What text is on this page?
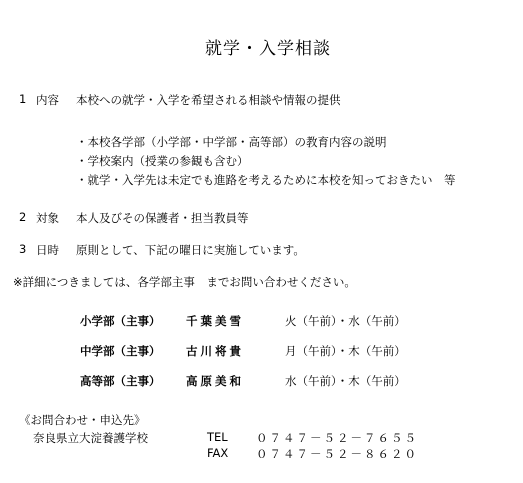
就学・入学相談
1 内容 本校への就学・入学を希望される相談や情報の提供
・本校各学部（小学部・中学部・高等部）の教育内容の説明
・学校案内（授業の参観も含む）
・就学・入学先は未定でも進路を考えるために本校を知っておきたい　等
2 対象 本人及びその保護者・担当教員等
3 日時 原則として、下記の曜日に実施しています。
※詳細につきましては、各学部主事　までお問い合わせください。
小学部（主事） 千葉美雪	火（午前）・水（午前）
中学部（主事） 古川将貴	月（午前）・木（午前）
高等部（主事） 高原美和	水（午前）・木（午前）
《お問合わせ・申込先》
奈良県立大淀養護学校	TEL ０７４７－５２－７６５５
FAX ０７４７－５２－８６２０
